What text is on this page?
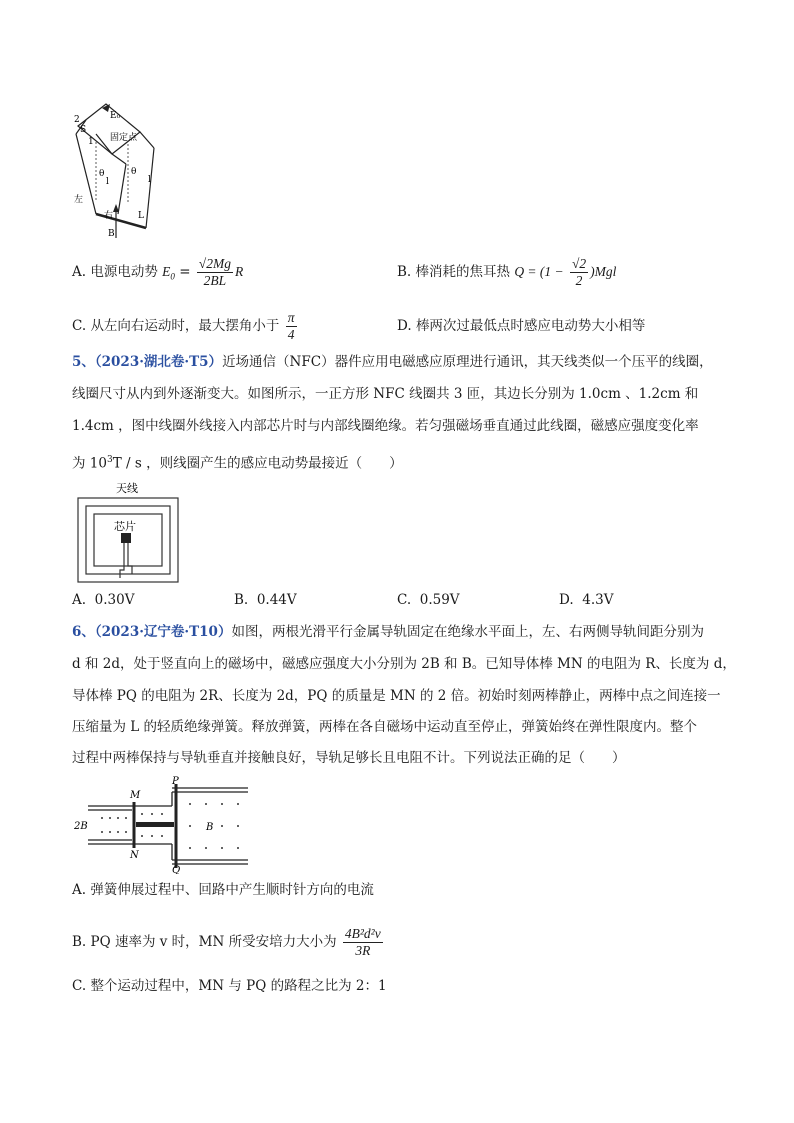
2
S
1
E₀
固定点
θ	θ
l	l
L
右
左
B
A. 电源电动势 $E_0 = \frac{√2Mg}{2BL}$ R	B. 棒消耗的焦耳热 $Q = (1 - \frac{√2}{2} )Mgl$
C. 从左向右运动时，最大摆角小于 $\frac{\pi}{4}$	D. 棒两次过最低点时感应电动势大小相等
5、（2023·湖北卷·T5）近场通信（NFC）器件应用电磁感应原理进行通讯，其天线类似一个压平的线圈，
线圈尺寸从内到外逐渐变大。如图所示，一正方形 NFC 线圈共 3 匝，其边长分别为 1.0cm 、1.2cm 和
1.4cm ，图中线圈外线接入内部芯片时与内部线圈绝缘。若匀强磁场垂直通过此线圈，磁感应强度变化率
为 $10^3T$ / s ，则线圈产生的感应电动势最接近（　　）
天线
芯片
A. 0.30V	B. 0.44V	C. 0.59V	D. 4.3V
6、（2023·辽宁卷·T10）如图，两根光滑平行金属导轨固定在绝缘水平面上，左、右两侧导轨间距分别为
d 和 2d，处于竖直向上的磁场中，磁感应强度大小分别为 2B 和 B。已知导体棒 MN 的电阻为 R、长度为 d，
导体棒 PQ 的电阻为 2R、长度为 2d，PQ 的质量是 MN 的 2 倍。初始时刻两棒静止，两棒中点之间连接一
压缩量为 L 的轻质绝缘弹簧。释放弹簧，两棒在各自磁场中运动直至停止，弹簧始终在弹性限度内。整个
过程中两棒保持与导轨垂直并接触良好，导轨足够长且电阻不计。下列说法正确的足（　　）
M
P
2B	B
N
Q
A. 弹簧伸展过程中、回路中产生顺时针方向的电流
B. PQ 速率为 v 时，MN 所受安培力大小为 $\frac{\text{4B²d²v}}{3R}$
C. 整个运动过程中，MN 与 PQ 的路程之比为 2：1
